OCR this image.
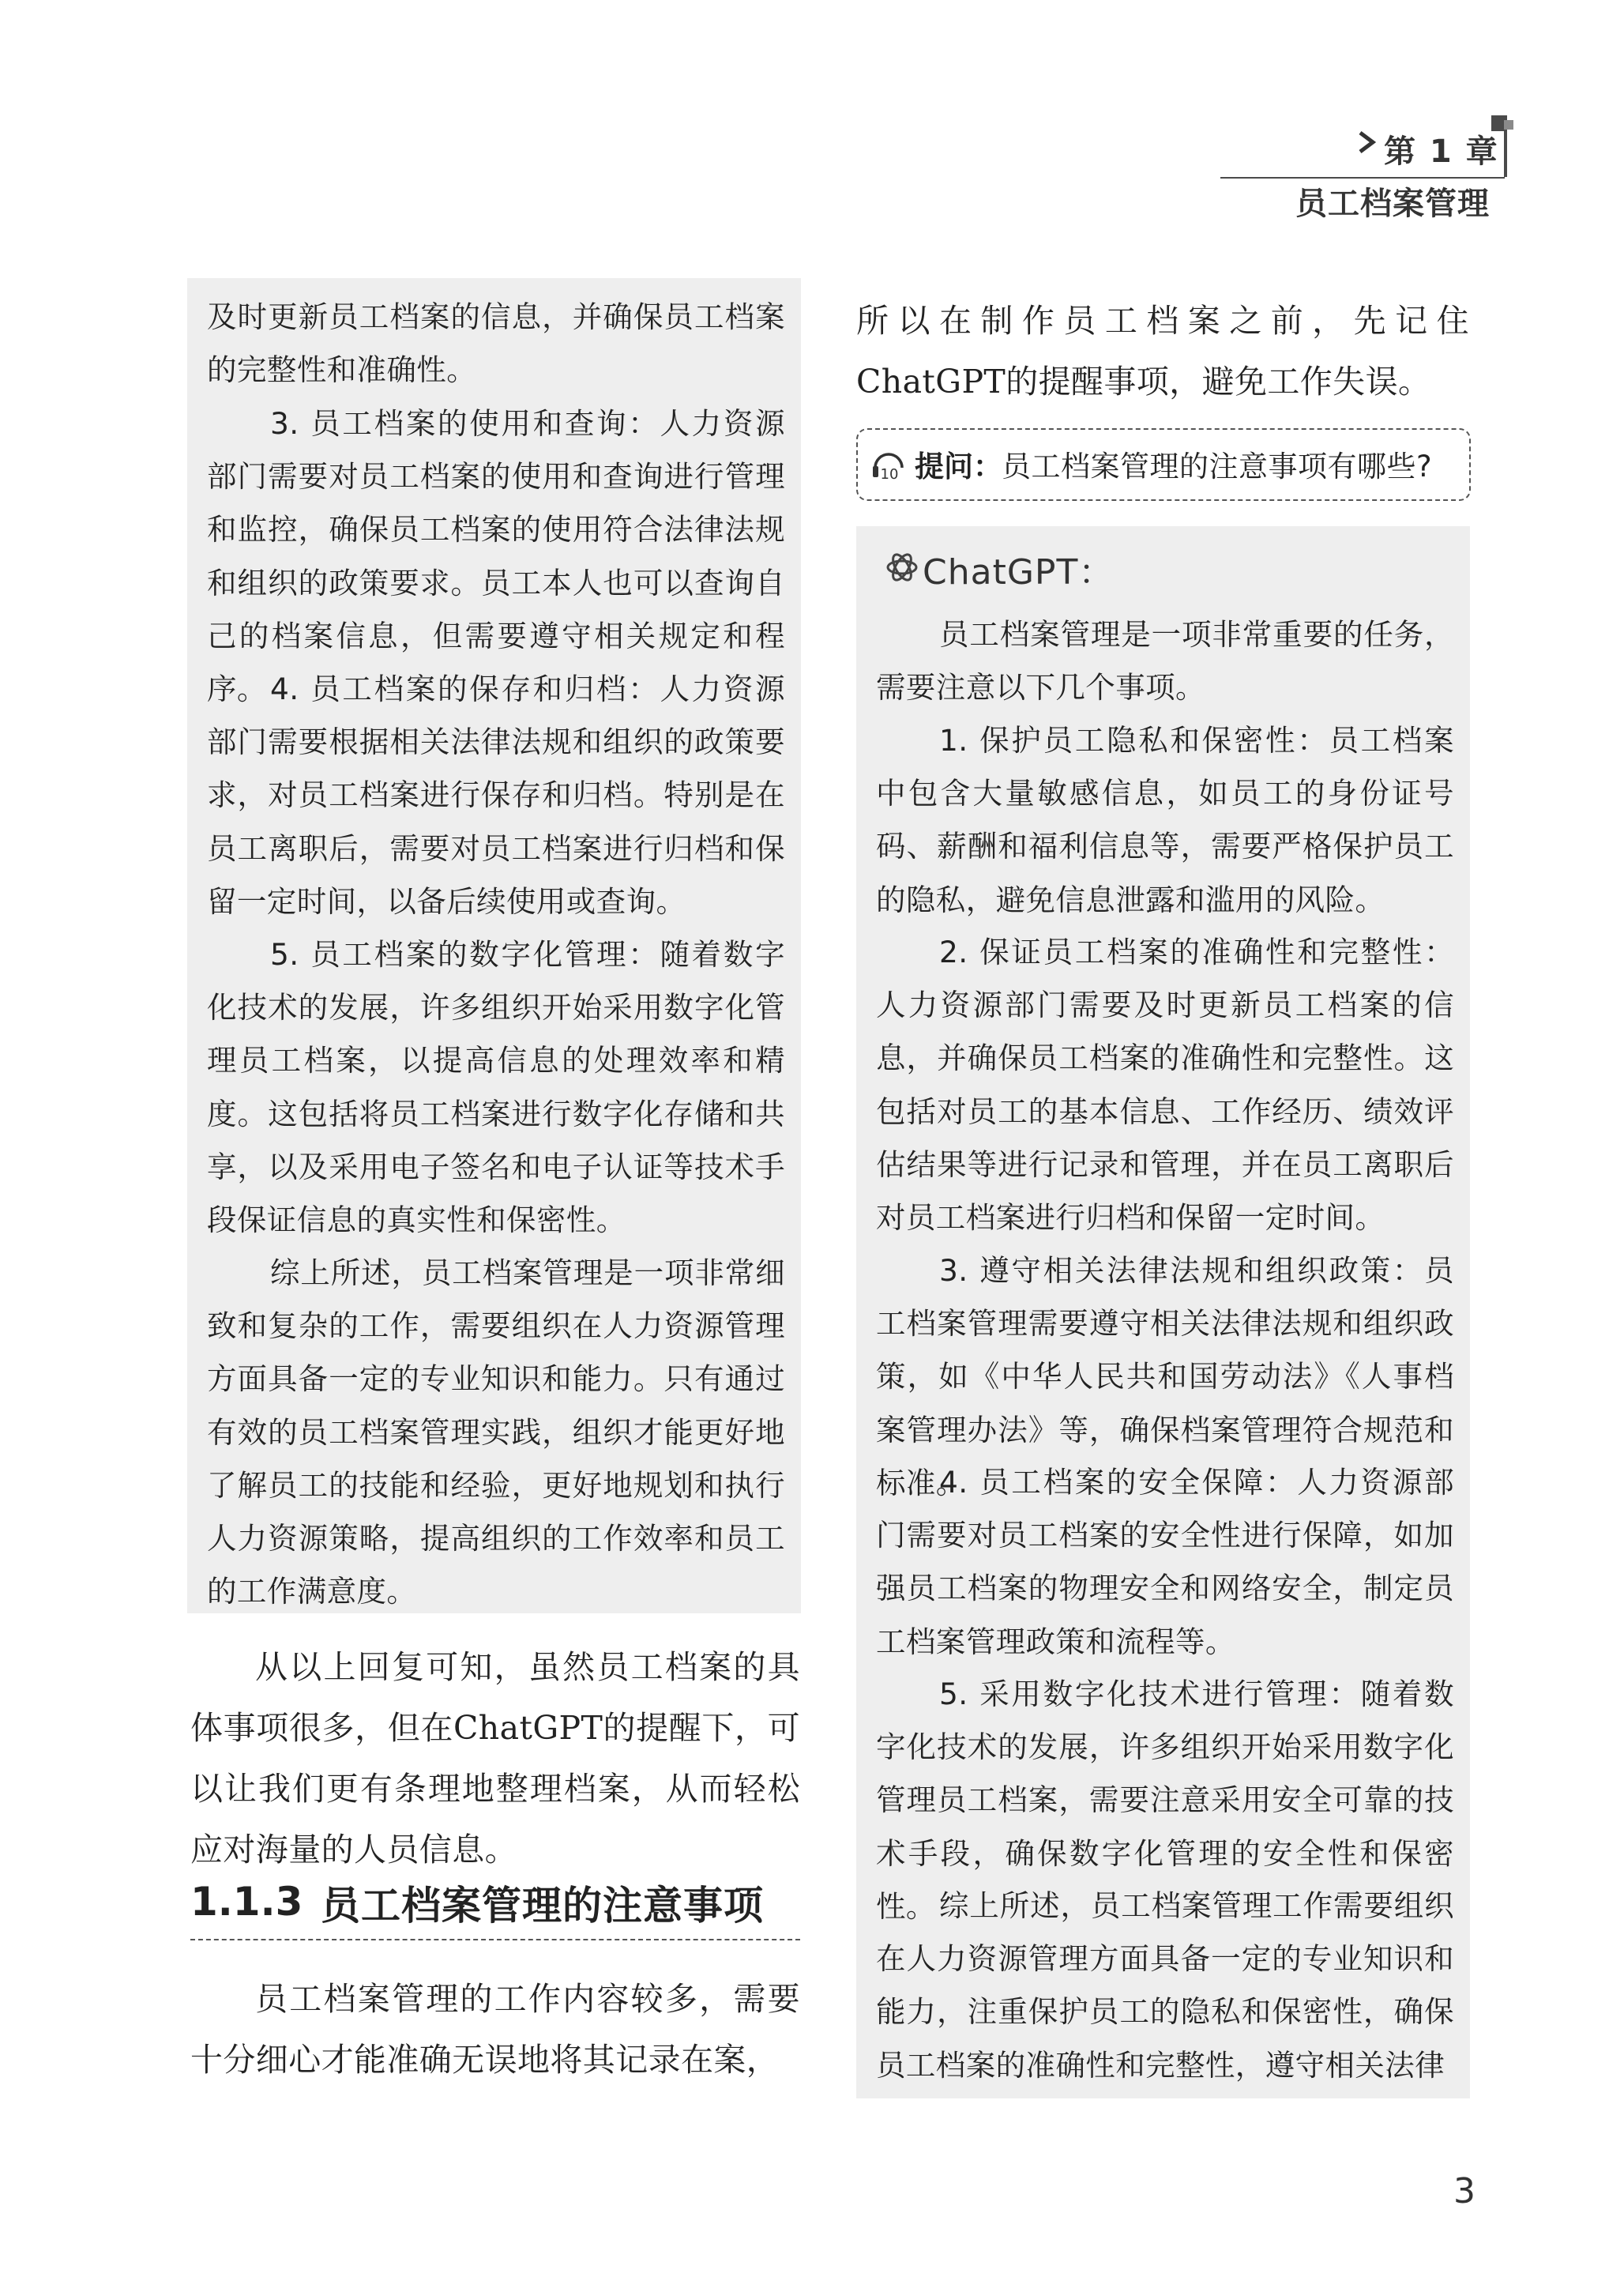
第 1 章
员工档案管理
及时更新员工档案的信息，并确保员工档案的完整性和准确性。
3. 员工档案的使用和查询：人力资源部门需要对员工档案的使用和查询进行管理和监控，确保员工档案的使用符合法律法规和组织的政策要求。员工本人也可以查询自己的档案信息，但需要遵守相关规定和程序。 4. 员工档案的保存和归档：人力资源部门需要根据相关法律法规和组织的政策要求，对员工档案进行保存和归档。特别是在员工离职后，需要对员工档案进行归档和保留一定时间，以备后续使用或查询。
5. 员工档案的数字化管理：随着数字化技术的发展，许多组织开始采用数字化管理员工档案，以提高信息的处理效率和精度。这包括将员工档案进行数字化存储和共享，以及采用电子签名和电子认证等技术手段保证信息的真实性和保密性。
综上所述，员工档案管理是一项非常细致和复杂的工作，需要组织在人力资源管理方面具备一定的专业知识和能力。只有通过有效的员工档案管理实践，组织才能更好地了解员工的技能和经验，更好地规划和执行人力资源策略，提高组织的工作效率和员工的工作满意度。
从以上回复可知，虽然员工档案的具体事项很多，但在ChatGPT的提醒下，可以让我们更有条理地整理档案，从而轻松应对海量的人员信息。
1.1.3 员工档案管理的注意事项
员工档案管理的工作内容较多，需要十分细心才能准确无误地将其记录在案，
所以在制作员工档案之前，先记住ChatGPT的提醒事项，避免工作失误。
10 提问： 员工档案管理的注意事项有哪些?
ChatGPT：
员工档案管理是一项非常重要的任务，需要注意以下几个事项。
1. 保护员工隐私和保密性：员工档案中包含大量敏感信息，如员工的身份证号码、薪酬和福利信息等，需要严格保护员工的隐私，避免信息泄露和滥用的风险。
2. 保证员工档案的准确性和完整性：人力资源部门需要及时更新员工档案的信息，并确保员工档案的准确性和完整性。这包括对员工的基本信息、工作经历、绩效评估结果等进行记录和管理，并在员工离职后对员工档案进行归档和保留一定时间。
3. 遵守相关法律法规和组织政策：员工档案管理需要遵守相关法律法规和组织政策，如《中华人民共和国劳动法》《人事档案管理办法》等，确保档案管理符合规范和标准。
4. 员工档案的安全保障：人力资源部门需要对员工档案的安全性进行保障，如加强员工档案的物理安全和网络安全，制定员工档案管理政策和流程等。
5. 采用数字化技术进行管理：随着数字化技术的发展，许多组织开始采用数字化管理员工档案，需要注意采用安全可靠的技术手段，确保数字化管理的安全性和保密性。 综上所述，员工档案管理工作需要组织在人力资源管理方面具备一定的专业知识和能力，注重保护员工的隐私和保密性，确保员工档案的准确性和完整性，遵守相关法律
3
